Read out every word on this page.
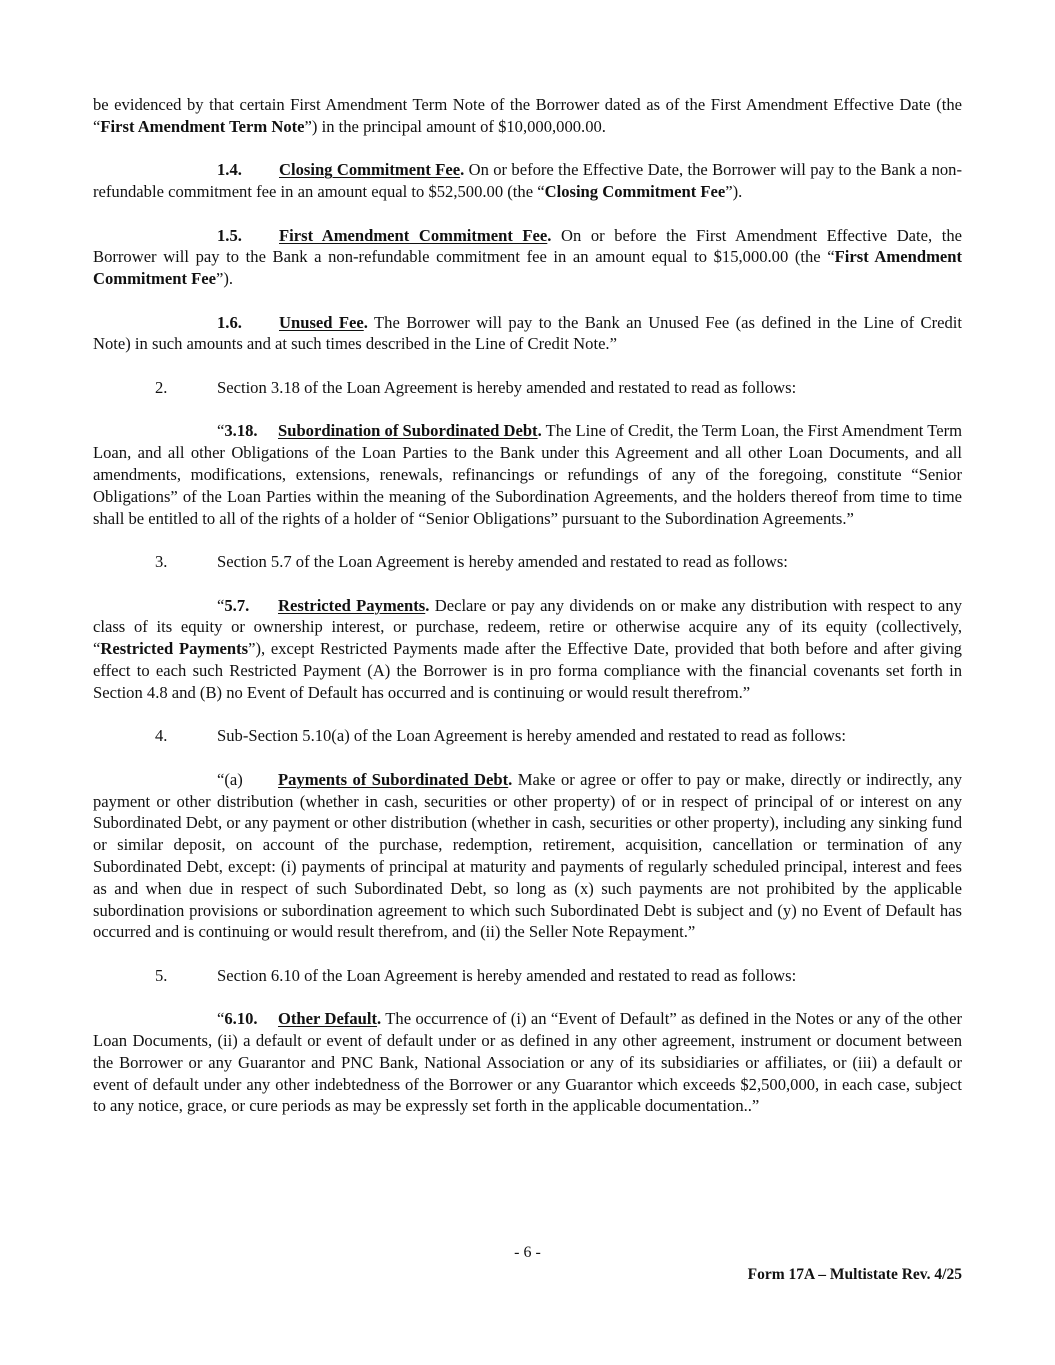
be evidenced by that certain First Amendment Term Note of the Borrower dated as of the First Amendment Effective Date (the “First Amendment Term Note”) in the principal amount of $10,000,000.00.

1.4. Closing Commitment Fee. On or before the Effective Date, the Borrower will pay to the Bank a non-refundable commitment fee in an amount equal to $52,500.00 (the “Closing Commitment Fee”).

1.5. First Amendment Commitment Fee. On or before the First Amendment Effective Date, the Borrower will pay to the Bank a non-refundable commitment fee in an amount equal to $15,000.00 (the “First Amendment Commitment Fee”).

1.6. Unused Fee. The Borrower will pay to the Bank an Unused Fee (as defined in the Line of Credit Note) in such amounts and at such times described in the Line of Credit Note.”

2.	Section 3.18 of the Loan Agreement is hereby amended and restated to read as follows:

“3.18. Subordination of Subordinated Debt. The Line of Credit, the Term Loan, the First Amendment Term Loan, and all other Obligations of the Loan Parties to the Bank under this Agreement and all other Loan Documents, and all amendments, modifications, extensions, renewals, refinancings or refundings of any of the foregoing, constitute “Senior Obligations” of the Loan Parties within the meaning of the Subordination Agreements, and the holders thereof from time to time shall be entitled to all of the rights of a holder of “Senior Obligations” pursuant to the Subordination Agreements.”

3.	Section 5.7 of the Loan Agreement is hereby amended and restated to read as follows:

“5.7. Restricted Payments. Declare or pay any dividends on or make any distribution with respect to any class of its equity or ownership interest, or purchase, redeem, retire or otherwise acquire any of its equity (collectively, “Restricted Payments”), except Restricted Payments made after the Effective Date, provided that both before and after giving effect to each such Restricted Payment (A) the Borrower is in pro forma compliance with the financial covenants set forth in Section 4.8 and (B) no Event of Default has occurred and is continuing or would result therefrom.”

4.	Sub-Section 5.10(a) of the Loan Agreement is hereby amended and restated to read as follows:

“(a) Payments of Subordinated Debt. Make or agree or offer to pay or make, directly or indirectly, any payment or other distribution (whether in cash, securities or other property) of or in respect of principal of or interest on any Subordinated Debt, or any payment or other distribution (whether in cash, securities or other property), including any sinking fund or similar deposit, on account of the purchase, redemption, retirement, acquisition, cancellation or termination of any Subordinated Debt, except: (i) payments of principal at maturity and payments of regularly scheduled principal, interest and fees as and when due in respect of such Subordinated Debt, so long as (x) such payments are not prohibited by the applicable subordination provisions or subordination agreement to which such Subordinated Debt is subject and (y) no Event of Default has occurred and is continuing or would result therefrom, and (ii) the Seller Note Repayment.”

5.	Section 6.10 of the Loan Agreement is hereby amended and restated to read as follows:

“6.10. Other Default. The occurrence of (i) an “Event of Default” as defined in the Notes or any of the other Loan Documents, (ii) a default or event of default under or as defined in any other agreement, instrument or document between the Borrower or any Guarantor and PNC Bank, National Association or any of its subsidiaries or affiliates, or (iii) a default or event of default under any other indebtedness of the Borrower or any Guarantor which exceeds $2,500,000, in each case, subject to any notice, grace, or cure periods as may be expressly set forth in the applicable documentation..”

- 6 -
Form 17A – Multistate Rev. 4/25
